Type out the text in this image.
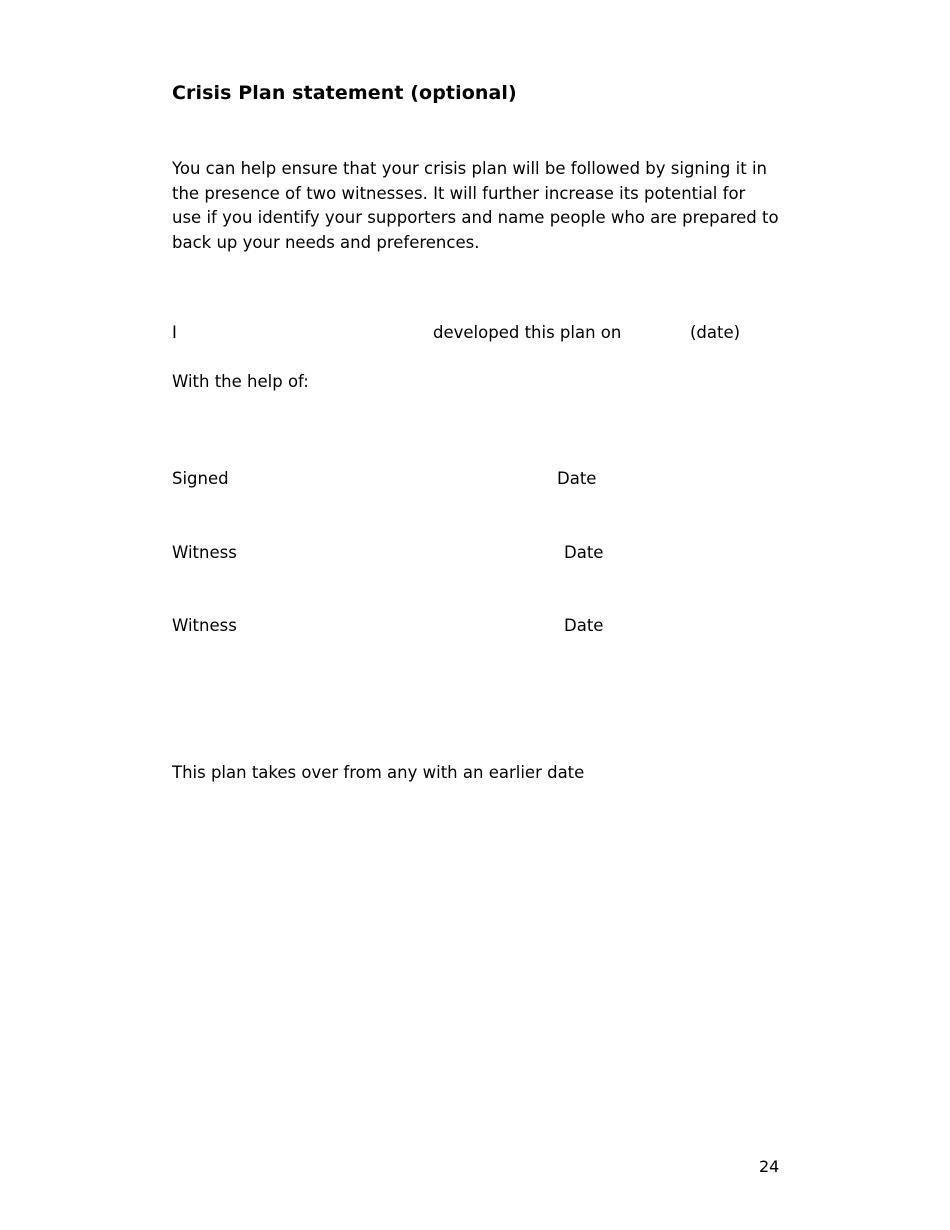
Crisis Plan statement (optional)
You can help ensure that your crisis plan will be followed by signing it in
the presence of two witnesses. It will further increase its potential for
use if you identify your supporters and name people who are prepared to
back up your needs and preferences.
I	developed this plan on	(date)
With the help of:
Signed	Date
Witness	Date
Witness	Date
This plan takes over from any with an earlier date
24
